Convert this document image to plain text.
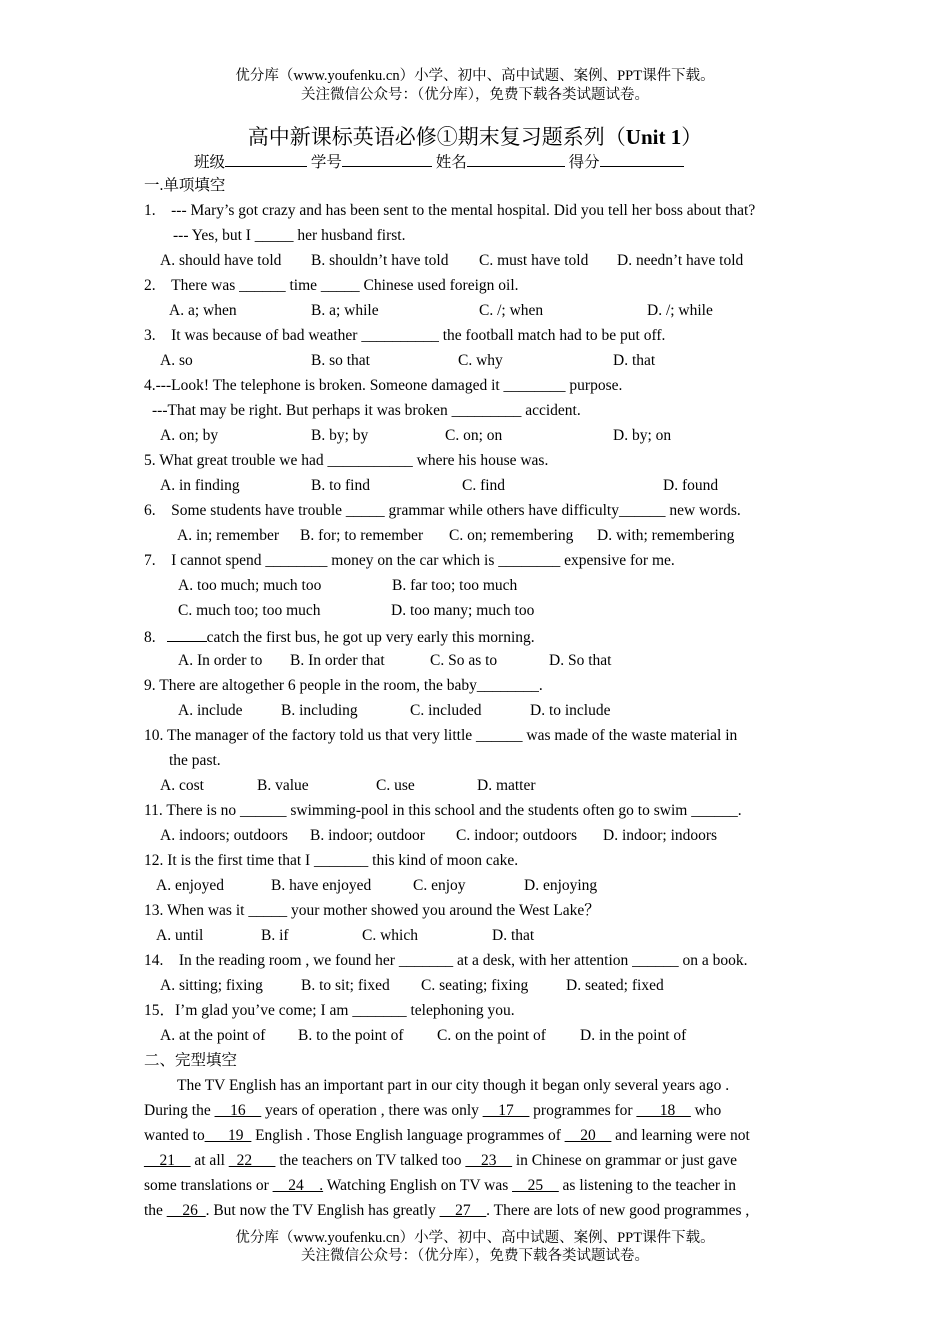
优分库（www.youfenku.cn）小学、初中、高中试题、案例、PPT课件下载。
关注微信公众号：（优分库），免费下载各类试题试卷。
高中新课标英语必修①期末复习题系列（Unit 1）
班级	学号	姓名	得分
一.单项填空
1.　--- Mary’s got crazy and has been sent to the mental hospital. Did you tell her boss about that?
--- Yes, but I _____ her husband first.
A. should have told B. shouldn’t have told C. must have told D. needn’t have told
2.　There was ______ time _____ Chinese used foreign oil.
A. a; when	B. a; while	C. /; when	D. /; while
3.　It was because of bad weather __________ the football match had to be put off.
A. so	B. so that	C. why	D. that
4.---Look! The telephone is broken. Someone damaged it ________ purpose.
---That may be right. But perhaps it was broken _________ accident.
A. on; by	B. by; by	C. on; on	D. by; on
5. What great trouble we had ___________ where his house was.
A. in finding	B. to find	C. find	D. found
6.　Some students have trouble _____ grammar while others have difficulty______ new words.
A. in; remember B. for; to remember C. on; remembering D. with; remembering
7.　I cannot spend ________ money on the car which is ________ expensive for me.
A. too much; much too	B. far too; too much
C. much too; too much	D. too many; much too
8.	catch the first bus, he got up very early this morning.
A. In order to B. In order that	C. So as to	D. So that
9. There are altogether 6 people in the room, the baby________.
A. include B. including	C. included	D. to include
10. The manager of the factory told us that very little ______ was made of the waste material in
the past.
A. cost	B. value	C. use	D. matter
11. There is no ______ swimming-pool in this school and the students often go to swim ______.
A. indoors; outdoors B. indoor; outdoor C. indoor; outdoors D. indoor; indoors
12. It is the first time that I _______ this kind of moon cake.
A. enjoyed	B. have enjoyed	C. enjoy	D. enjoying
13. When was it _____ your mother showed you around the West Lake？
A. until	B. if	C. which	D. that
14.　In the reading room , we found her _______ at a desk, with her attention ______ on a book.
A. sitting; fixing B. to sit; fixed C. seating; fixing D. seated; fixed
15．I’m glad you’ve come; I am _______ telephoning you.
A. at the point of B. to the point of C. on the point of D. in the point of
二、完型填空
The TV English has an important part in our city though it began only several years ago .
During the __16__ years of operation , there was only __17__ programmes for ___18__ who
wanted to___19_ English . Those English language programmes of __20__ and learning were not
__21__ at all _22___ the teachers on TV talked too __23__ in Chinese on grammar or just gave
some translations or __24__. Watching English on TV was __25__ as listening to the teacher in
the __26_. But now the TV English has greatly __27__. There are lots of new good programmes ,
优分库（www.youfenku.cn）小学、初中、高中试题、案例、PPT课件下载。
关注微信公众号：（优分库），免费下载各类试题试卷。
